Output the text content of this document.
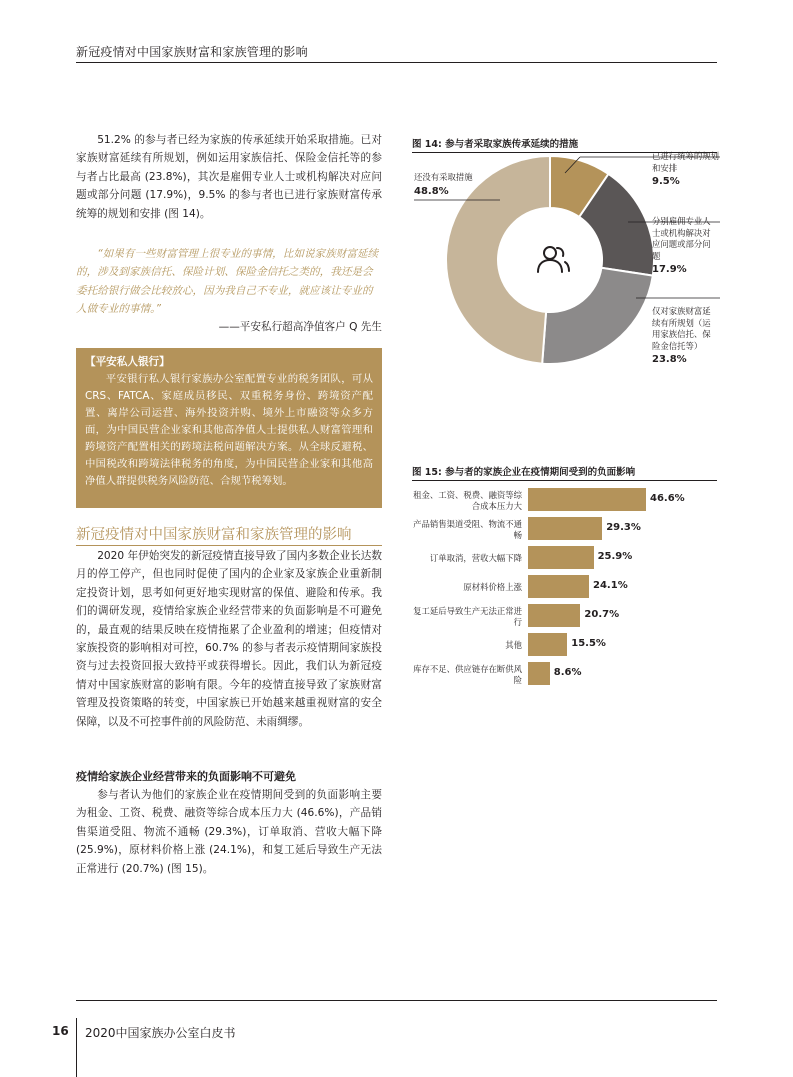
新冠疫情对中国家族财富和家族管理的影响

51.2% 的参与者已经为家族的传承延续开始采取措施。已对家族财富延续有所规划，例如运用家族信托、保险金信托等的参与者占比最高 (23.8%)，其次是雇佣专业人士或机构解决对应问题或部分问题 (17.9%)，9.5% 的参与者也已进行家族财富传承统筹的规划和安排 (图 14)。

“如果有一些财富管理上很专业的事情，比如说家族财富延续的，涉及到家族信托、保险计划、保险金信托之类的，我还是会委托给银行做会比较放心，因为我自己不专业，就应该让专业的人做专业的事情。”

——平安私行超高净值客户 Q 先生
【平安私人银行】

平安银行私人银行家族办公室配置专业的税务团队，可从 CRS、FATCA、家庭成员移民、双重税务身份、跨境资产配置、离岸公司运营、海外投资并购、境外上市融资等众多方面，为中国民营企业家和其他高净值人士提供私人财富管理和跨境资产配置相关的跨境法税问题解决方案。从全球反避税、中国税改和跨境法律税务的角度，为中国民营企业家和其他高净值人群提供税务风险防范、合规节税筹划。

新冠疫情对中国家族财富和家族管理的影响

2020 年伊始突发的新冠疫情直接导致了国内多数企业长达数月的停工停产，但也同时促使了国内的企业家及家族企业重新制定投资计划，思考如何更好地实现财富的保值、避险和传承。我们的调研发现，疫情给家族企业经营带来的负面影响是不可避免的，最直观的结果反映在疫情拖累了企业盈利的增速；但疫情对家族投资的影响相对可控，60.7% 的参与者表示疫情期间家族投资与过去投资回报大致持平或获得增长。因此，我们认为新冠疫情对中国家族财富的影响有限。今年的疫情直接导致了家族财富管理及投资策略的转变，中国家族已开始越来越重视财富的安全保障，以及不可控事件前的风险防范、未雨绸缪。

疫情给家族企业经营带来的负面影响不可避免

参与者认为他们的家族企业在疫情期间受到的负面影响主要为租金、工资、税费、融资等综合成本压力大 (46.6%)，产品销售渠道受阻、物流不通畅 (29.3%)，订单取消、营收大幅下降 (25.9%)，原材料价格上涨 (24.1%)，和复工延后导致生产无法正常进行 (20.7%) (图 15)。

图 14: 参与者采取家族传承延续的措施
已进行统筹的规划和安排
9.5%
分别雇佣专业人士或机构解决对应问题或部分问题
17.9%
仅对家族财富延续有所规划（运用家族信托、保险金信托等）
23.8%
还没有采取措施
48.8%
图 15: 参与者的家族企业在疫情期间受到的负面影响
租金、工资、税费、融资等综合成本压力大
46.6%
产品销售渠道受阻、物流不通畅
29.3%
订单取消，营收大幅下降	25.9%
原材料价格上涨	24.1%
复工延后导致生产无法正常进行
20.7%
其他	15.5%
库存不足、供应链存在断供风险
8.6%
16 2020中国家族办公室白皮书
